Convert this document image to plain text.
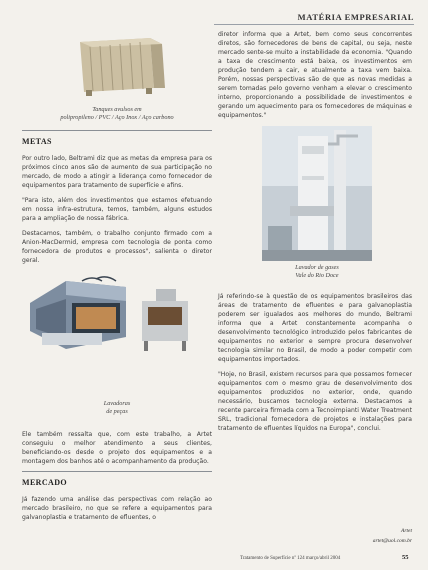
MATÉRIA EMPRESARIAL
Tanques avulsos em
polipropileno / PVC / Aço Inox / Aço carbono
METAS

Por outro lado, Beltrami diz que as metas da empresa para os próximos cinco anos são de aumento de sua participação no mercado, de modo a atingir a liderança como fornecedor de equipamentos para tratamento de superfície e afins.

"Para isto, além dos investimentos que estamos efetuando em nossa infra-estrutura, temos, também, alguns estudos para a ampliação de nossa fábrica.

Destacamos, também, o trabalho conjunto firmado com a Anion-MacDermid, empresa com tecnologia de ponta como fornecedora de produtos e processos", salienta o diretor geral.

Lavadoras
de peças

Ele também ressalta que, com este trabalho, a Artet conseguiu o melhor atendimento a seus clientes, beneficiando-os desde o projeto dos equipamentos e a montagem dos banhos até o acompanhamento da produção.

MERCADO

Já fazendo uma análise das perspectivas com relação ao mercado brasileiro, no que se refere a equipamentos para galvanoplastia e tratamento de efluentes, o

diretor informa que a Artet, bem como seus concorrentes diretos, são fornecedores de bens de capital, ou seja, neste mercado sente-se muito a instabilidade da economia. "Quando a taxa de crescimento está baixa, os investimentos em produção tendem a cair, e atualmente a taxa vem baixa. Porém, nossas perspectivas são de que as novas medidas a serem tomadas pelo governo venham a elevar o crescimento interno, proporcionando a possibilidade de investimentos e gerando um aquecimento para os fornecedores de máquinas e equipamentos."

Lavador de gases
Vale do Rio Doce

Já referindo-se à questão de os equipamentos brasileiros das áreas de tratamento de efluentes e para galvanoplastia poderem ser igualados aos melhores do mundo, Beltrami informa que a Artet constantemente acompanha o desenvolvimento tecnológico introduzido pelos fabricantes de equipamentos no exterior e sempre procura desenvolver tecnologia similar no Brasil, de modo a poder competir com equipamentos importados.

"Hoje, no Brasil, existem recursos para que possamos fornecer equipamentos com o mesmo grau de desenvolvimento dos equipamentos produzidos no exterior, onde, quando necessário, buscamos tecnologia externa. Destacamos a recente parceira firmada com a Tecnoimpianti Water Treatment SRL, tradicional fornecedora de projetos e instalações para tratamento de efluentes líquidos na Europa", conclui.

Artet
artet@uol.com.br
Tratamento de Superfície nº 124 março/abril 2004	55
